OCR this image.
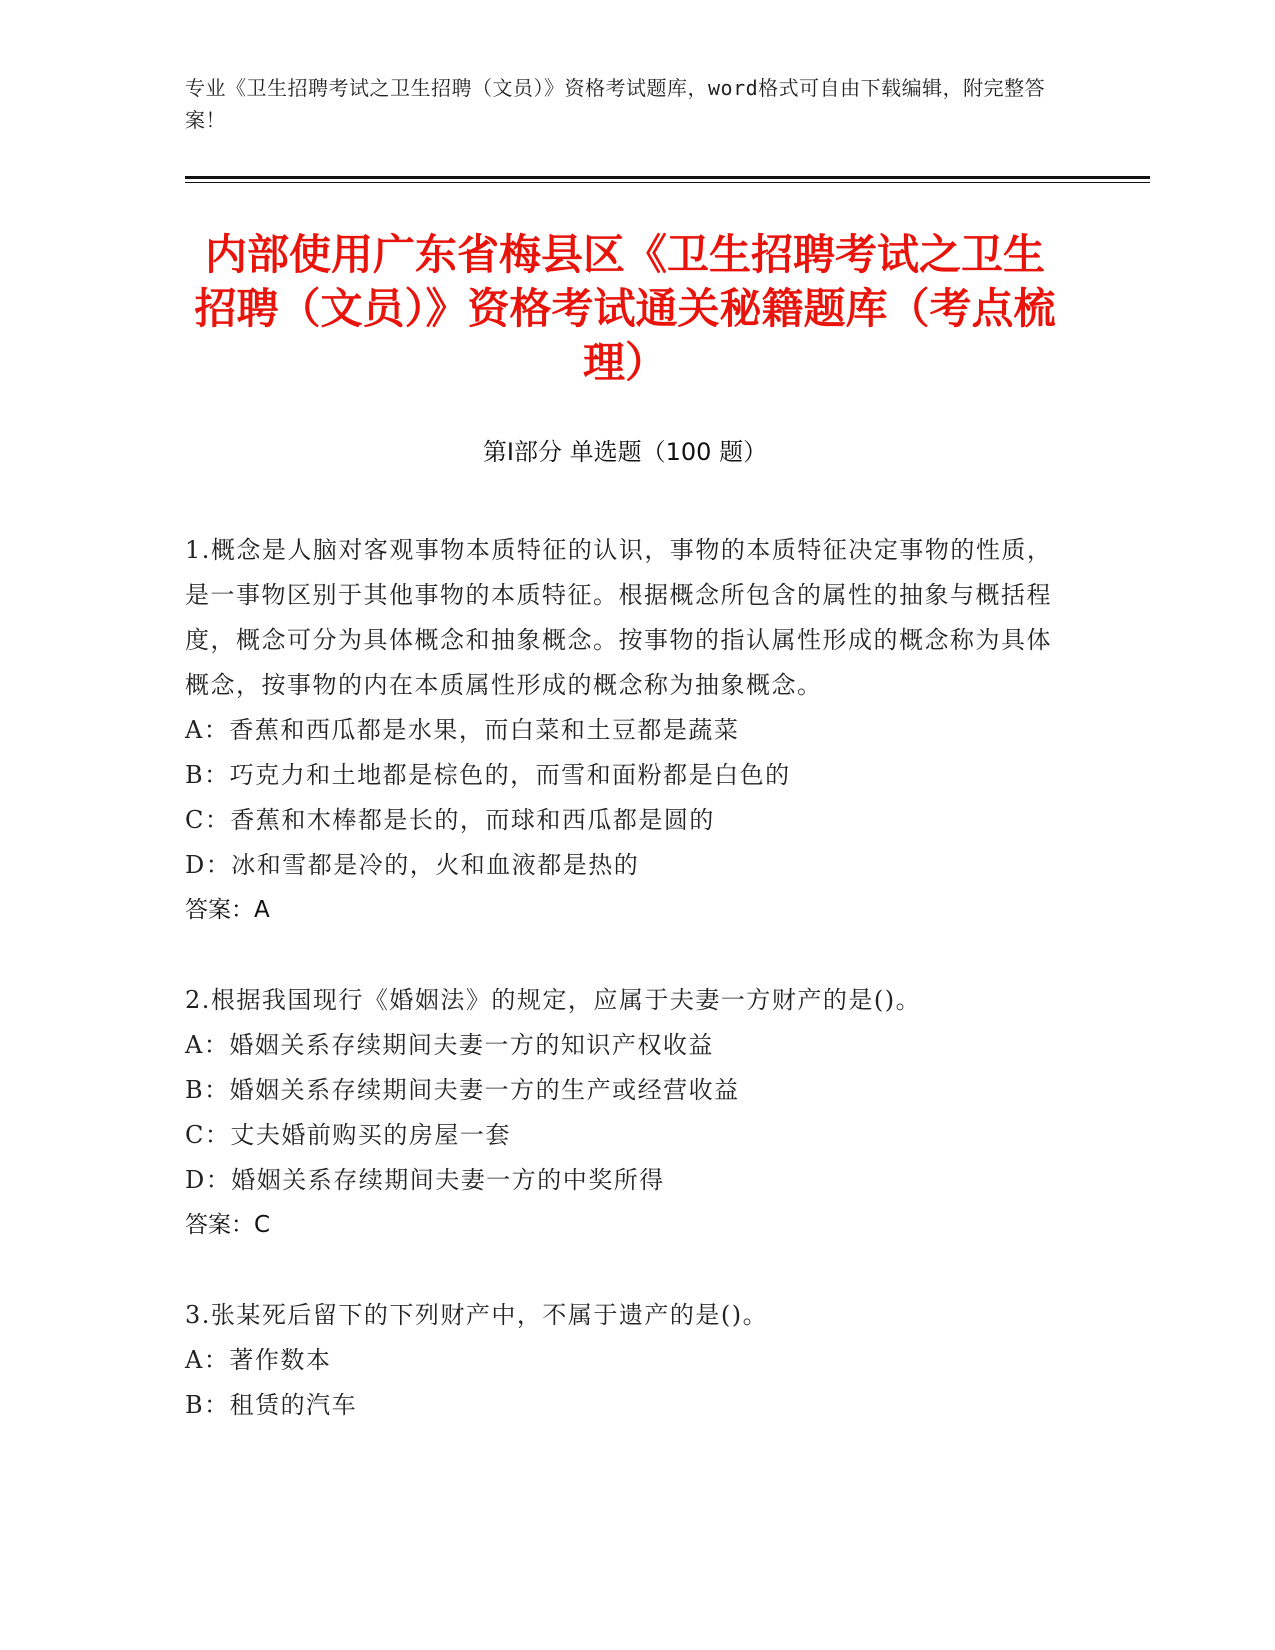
专业《卫生招聘考试之卫生招聘（文员）》资格考试题库，word格式可自由下载编辑，附完整答案！
内部使用广东省梅县区《卫生招聘考试之卫生招聘（文员）》资格考试通关秘籍题库（考点梳理）
第Ⅰ部分 单选题（100 题）
1.概念是人脑对客观事物本质特征的认识，事物的本质特征决定事物的性质，是一事物区别于其他事物的本质特征。根据概念所包含的属性的抽象与概括程度，概念可分为具体概念和抽象概念。按事物的指认属性形成的概念称为具体概念，按事物的内在本质属性形成的概念称为抽象概念。
A：香蕉和西瓜都是水果，而白菜和土豆都是蔬菜
B：巧克力和土地都是棕色的，而雪和面粉都是白色的
C：香蕉和木棒都是长的，而球和西瓜都是圆的
D：冰和雪都是冷的，火和血液都是热的
答案：A
2.根据我国现行《婚姻法》的规定，应属于夫妻一方财产的是()。
A：婚姻关系存续期间夫妻一方的知识产权收益
B：婚姻关系存续期间夫妻一方的生产或经营收益
C：丈夫婚前购买的房屋一套
D：婚姻关系存续期间夫妻一方的中奖所得
答案：C
3.张某死后留下的下列财产中，不属于遗产的是()。
A：著作数本
B：租赁的汽车
